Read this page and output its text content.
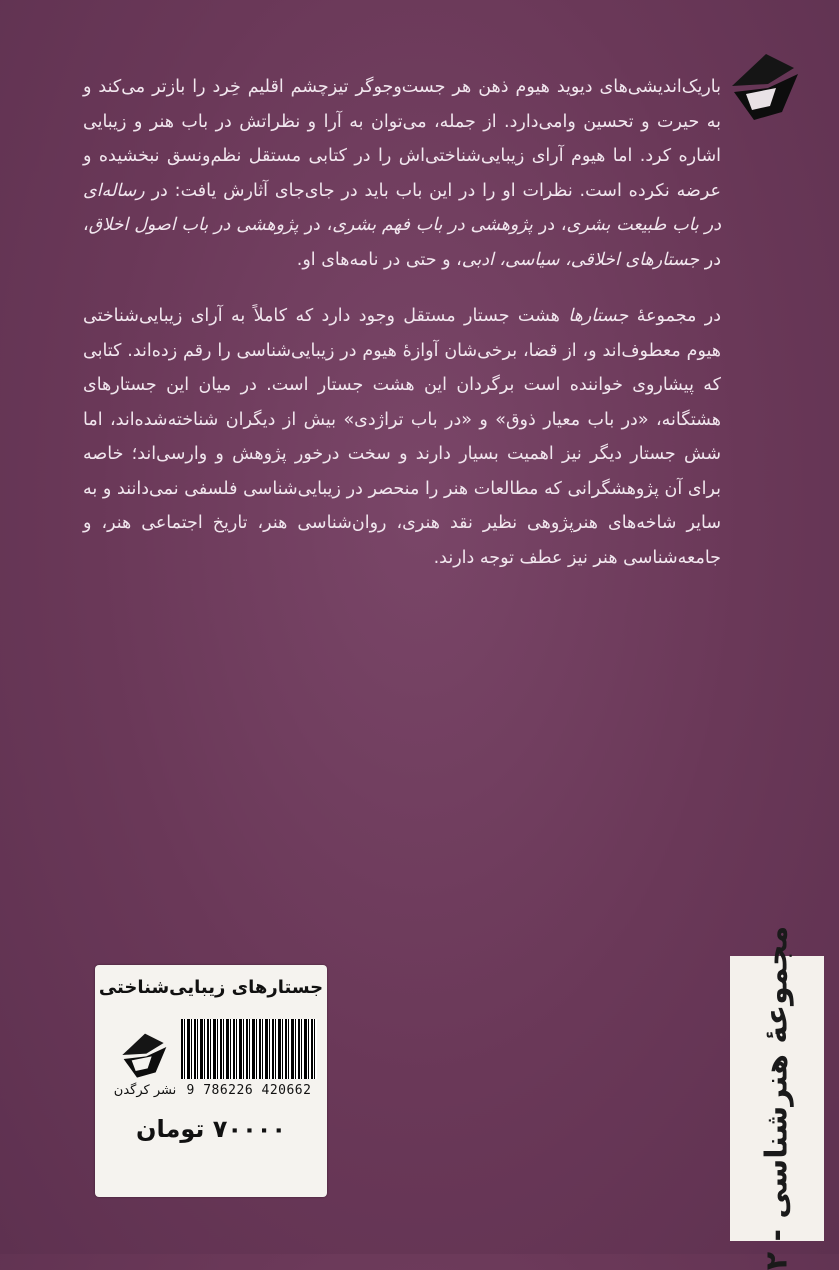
باریک‌اندیشی‌های دیوید هیوم ذهن هر جست‌وجوگر تیزچشم اقلیم خِرد را بازتر می‌کند و به حیرت و تحسین وامی‌دارد. از جمله، می‌توان به آرا و نظراتش در باب هنر و زیبایی اشاره کرد. اما هیوم آرای زیبایی‌شناختی‌اش را در کتابی مستقل نظم‌ونسق نبخشیده و عرضه نکرده است. نظرات او را در این باب باید در جای‌جای آثارش یافت: در رساله‌ای در باب طبیعت بشری، در پژوهشی در باب فهم بشری، در پژوهشی در باب اصول اخلاق، در جستارهای اخلاقی، سیاسی، ادبی، و حتی در نامه‌های او.

در مجموعهٔ جستارها هشت جستار مستقل وجود دارد که کاملاً به آرای زیبایی‌شناختی هیوم معطوف‌اند و، از قضا، برخی‌شان آوازهٔ هیوم در زیبایی‌شناسی را رقم زده‌اند. کتابی که پیشاروی خواننده است برگردان این هشت جستار است. در میان این جستارهای هشتگانه، «در باب معیار ذوق» و «در باب تراژدی» بیش از دیگران شناخته‌شده‌اند، اما شش جستار دیگر نیز اهمیت بسیار دارند و سخت درخور پژوهش و وارسی‌اند؛ خاصه برای آن پژوهشگرانی که مطالعات هنر را منحصر در زیبایی‌شناسی فلسفی نمی‌دانند و به سایر شاخه‌های هنرپژوهی نظیر نقد هنری، روان‌شناسی هنر، تاریخ اجتماعی هنر، و جامعه‌شناسی هنر نیز عطف توجه دارند.

مجموعهٔ هنرشناسی - ۲
جستارهای زیبایی‌شناختی
9 786226 420662
نشر کرگدن
۷۰۰۰۰ تومان
